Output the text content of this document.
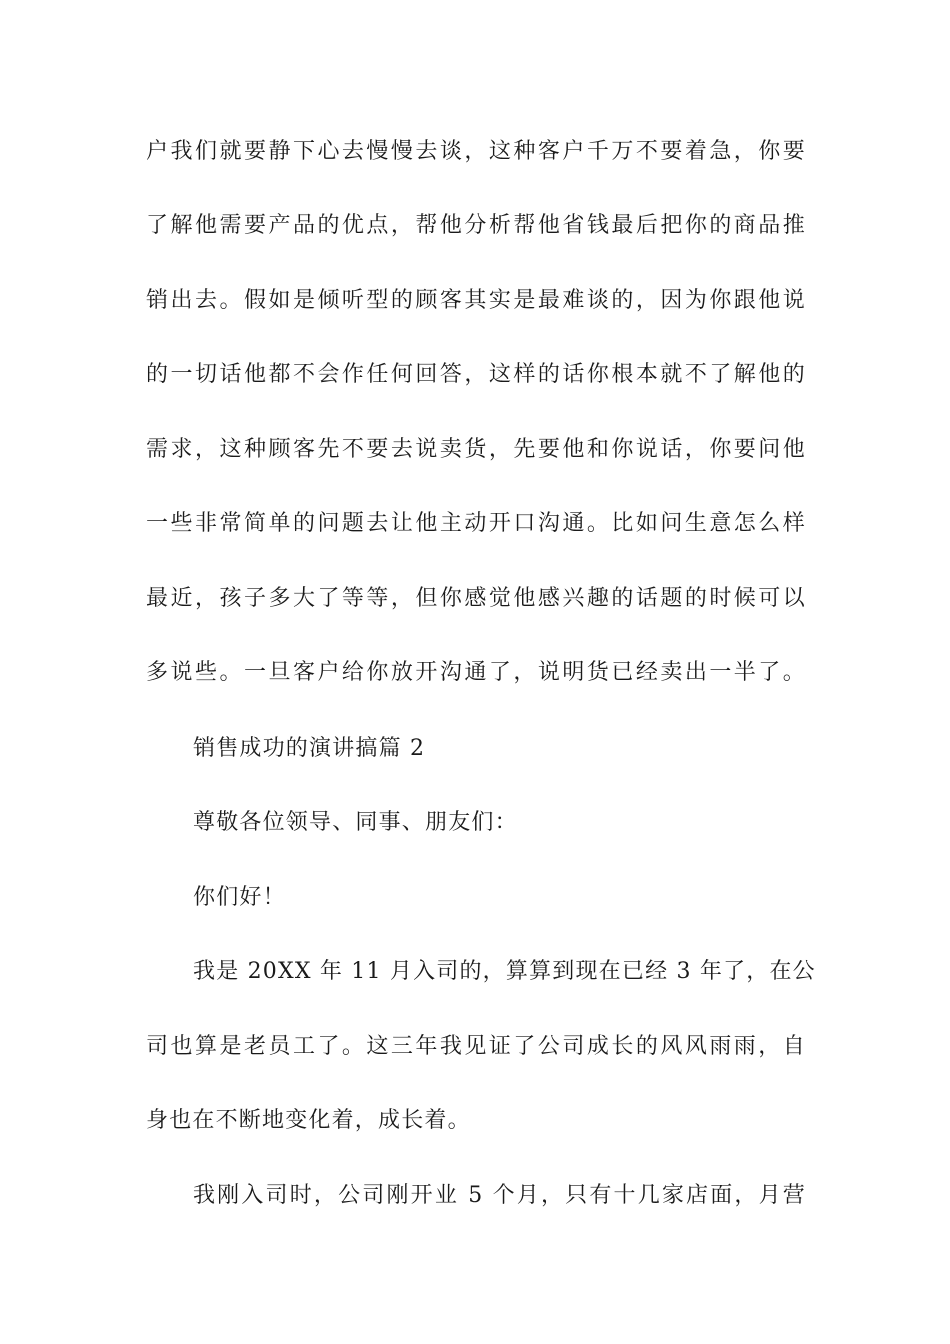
户我们就要静下心去慢慢去谈，这种客户千万不要着急，你要
了解他需要产品的优点，帮他分析帮他省钱最后把你的商品推
销出去。假如是倾听型的顾客其实是最难谈的，因为你跟他说
的一切话他都不会作任何回答，这样的话你根本就不了解他的
需求，这种顾客先不要去说卖货，先要他和你说话，你要问他
一些非常简单的问题去让他主动开口沟通。比如问生意怎么样
最近，孩子多大了等等，但你感觉他感兴趣的话题的时候可以
多说些。一旦客户给你放开沟通了，说明货已经卖出一半了。
销售成功的演讲搞篇 2
尊敬各位领导、同事、朋友们：
你们好！
我是 20XX 年 11 月入司的，算算到现在已经 3 年了，在公
司也算是老员工了。这三年我见证了公司成长的风风雨雨，自
身也在不断地变化着，成长着。
我刚入司时，公司刚开业 5 个月，只有十几家店面，月营
